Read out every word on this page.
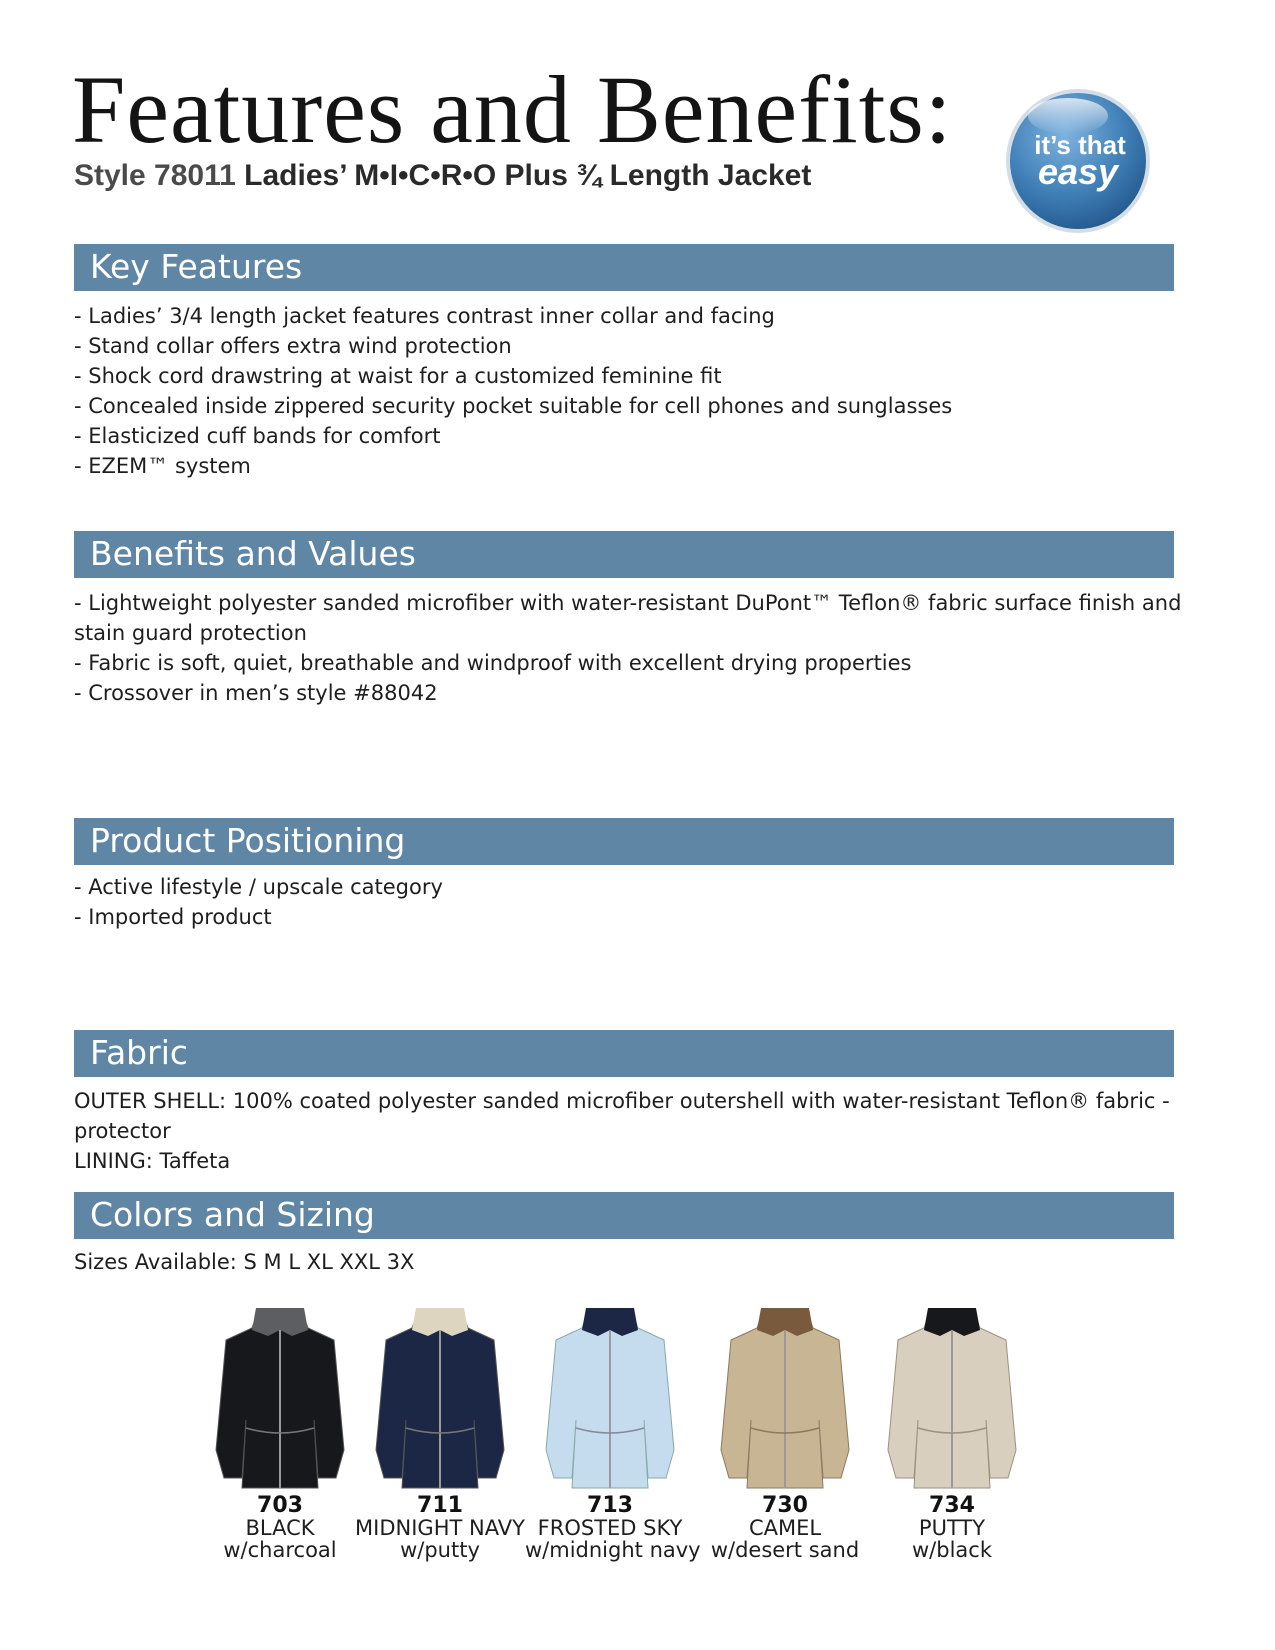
Features and Benefits:
Style 78011 Ladies’ M•I•C•R•O Plus ¾ Length Jacket
it’s that
easy
Key Features
- Ladies’ 3/4 length jacket features contrast inner collar and facing
- Stand collar offers extra wind protection
- Shock cord drawstring at waist for a customized feminine fit
- Concealed inside zippered security pocket suitable for cell phones and sunglasses
- Elasticized cuff bands for comfort
- EZEM™ system
Benefits and Values
- Lightweight polyester sanded microfiber with water-resistant DuPont™ Teflon® fabric surface finish and stain guard protection
- Fabric is soft, quiet, breathable and windproof with excellent drying properties
- Crossover in men’s style #88042
Product Positioning
- Active lifestyle / upscale category
- Imported product
Fabric
OUTER SHELL: 100% coated polyester sanded microfiber outershell with water-resistant Teflon® fabric - protector
LINING: Taffeta
Colors and Sizing
Sizes Available: S M L XL XXL 3X
703
BLACK
w/charcoal
711
MIDNIGHT NAVY
w/putty
713
FROSTED SKY
w/midnight navy
730
CAMEL
w/desert sand
734
PUTTY
w/black
